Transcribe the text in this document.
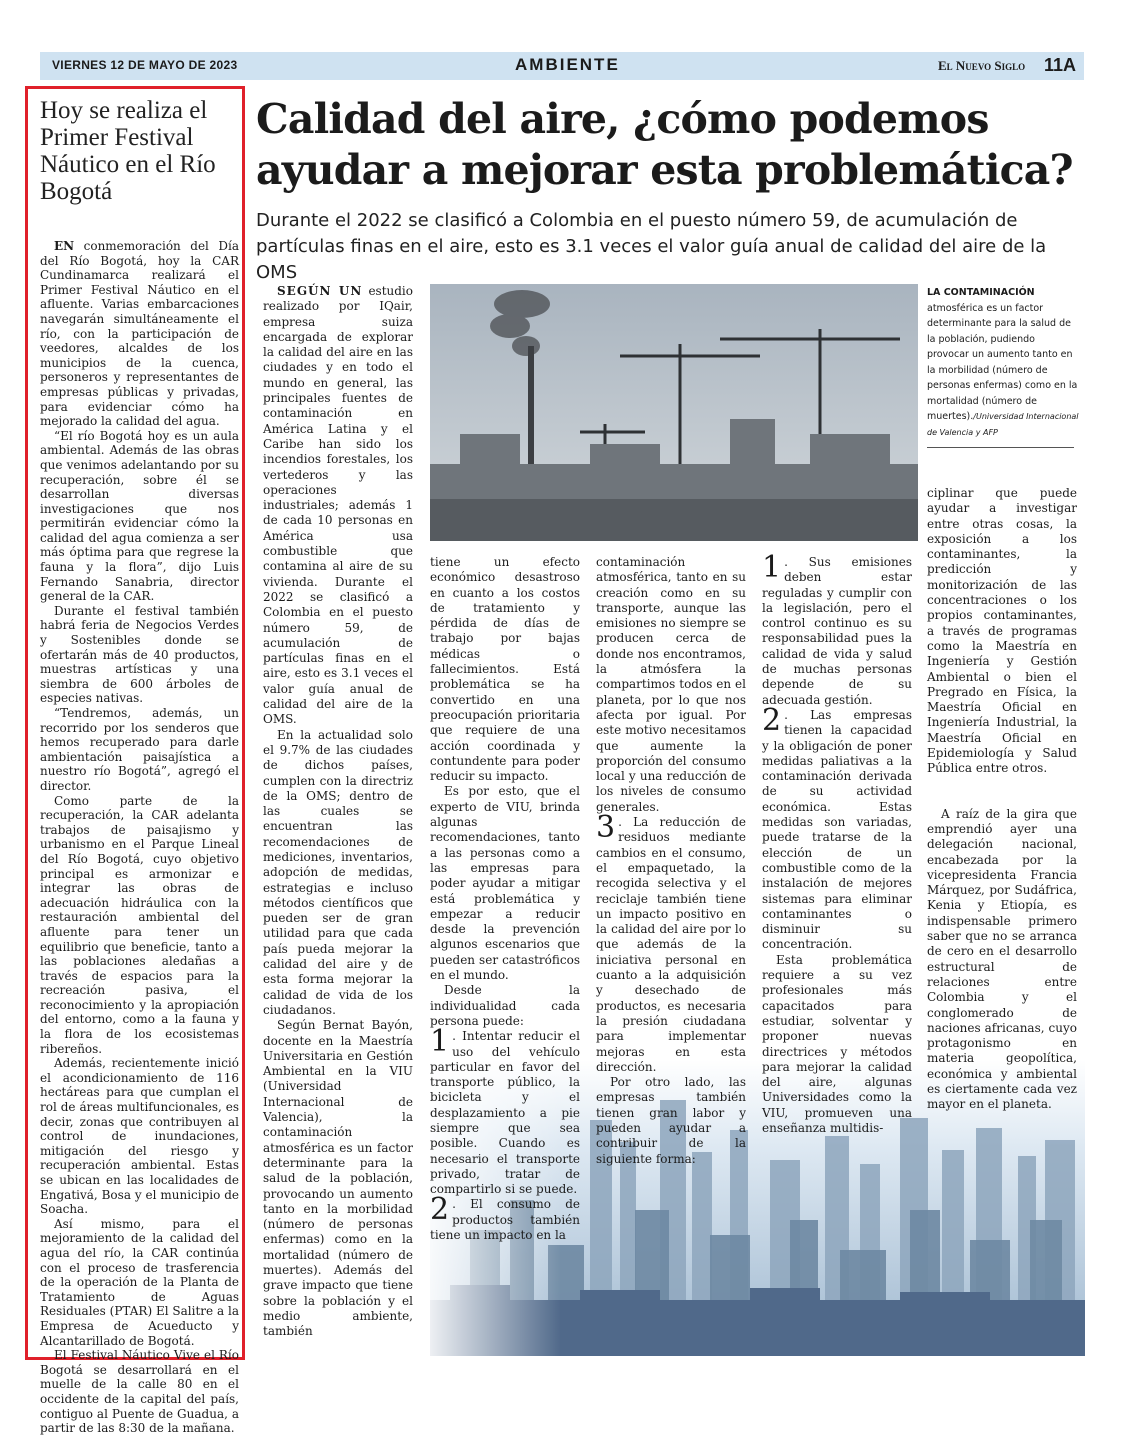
VIERNES 12 DE MAYO DE 2023	AMBIENTE	El Nuevo Siglo 11A
Hoy se realiza el Primer Festival Náutico en el Río Bogotá

EN conmemoración del Día del Río Bogotá, hoy la CAR Cundinamarca realizará el Primer Festival Náutico en el afluente. Varias embarcaciones navegarán simultáneamente el río, con la participación de veedores, alcaldes de los municipios de la cuenca, personeros y representantes de empresas públicas y privadas, para evidenciar cómo ha mejorado la calidad del agua.

“El río Bogotá hoy es un aula ambiental. Además de las obras que venimos adelantando por su recuperación, sobre él se desarrollan diversas investigaciones que nos permitirán evidenciar cómo la calidad del agua comienza a ser más óptima para que regrese la fauna y la flora”, dijo Luis Fernando Sanabria, director general de la CAR.

Durante el festival también habrá feria de Negocios Verdes y Sostenibles donde se ofertarán más de 40 productos, muestras artísticas y una siembra de 600 árboles de especies nativas.

“Tendremos, además, un recorrido por los senderos que hemos recuperado para darle ambientación paisajística a nuestro río Bogotá”, agregó el director.

Como parte de la recuperación, la CAR adelanta trabajos de paisajismo y urbanismo en el Parque Lineal del Río Bogotá, cuyo objetivo principal es armonizar e integrar las obras de adecuación hidráulica con la restauración ambiental del afluente para tener un equilibrio que beneficie, tanto a las poblaciones aledañas a través de espacios para la recreación pasiva, el reconocimiento y la apropiación del entorno, como a la fauna y la flora de los ecosistemas ribereños.

Además, recientemente inició el acondicionamiento de 116 hectáreas para que cumplan el rol de áreas multifuncionales, es decir, zonas que contribuyen al control de inundaciones, mitigación del riesgo y recuperación ambiental. Estas se ubican en las localidades de Engativá, Bosa y el municipio de Soacha.

Así mismo, para el mejoramiento de la calidad del agua del río, la CAR continúa con el proceso de trasferencia de la operación de la Planta de Tratamiento de Aguas Residuales (PTAR) El Salitre a la Empresa de Acueducto y Alcantarillado de Bogotá.

El Festival Náutico Vive el Río Bogotá se desarrollará en el muelle de la calle 80 en el occidente de la capital del país, contiguo al Puente de Guadua, a partir de las 8:30 de la mañana.

Calidad del aire, ¿cómo podemos ayudar a mejorar esta problemática?
Durante el 2022 se clasificó a Colombia en el puesto número 59, de acumulación de partículas finas en el aire, esto es 3.1 veces el valor guía anual de calidad del aire de la OMS
LA CONTAMINACIÓN
atmosférica es un factor determinante para la salud de la población, pudiendo provocar un aumento tanto en la morbilidad (número de personas enfermas) como en la mortalidad (número de muertes)./Universidad Internacional de Valencia y AFP

SEGÚN UN estudio realizado por IQair, empresa suiza encargada de explorar la calidad del aire en las ciudades y en todo el mundo en general, las principales fuentes de contaminación en América Latina y el Caribe han sido los incendios forestales, los vertederos y las operaciones industriales; además 1 de cada 10 personas en América usa combustible que contamina al aire de su vivienda. Durante el 2022 se clasificó a Colombia en el puesto número 59, de acumulación de partículas finas en el aire, esto es 3.1 veces el valor guía anual de calidad del aire de la OMS.

En la actualidad solo el 9.7% de las ciudades de dichos países, cumplen con la directriz de la OMS; dentro de las cuales se encuentran las recomendaciones de mediciones, inventarios, adopción de medidas, estrategias e incluso métodos científicos que pueden ser de gran utilidad para que cada país pueda mejorar la calidad del aire y de esta forma mejorar la calidad de vida de los ciudadanos.

Según Bernat Bayón, docente en la Maestría Universitaria en Gestión Ambiental en la VIU (Universidad Internacional de Valencia), la contaminación atmosférica es un factor determinante para la salud de la población, provocando un aumento tanto en la morbilidad (número de personas enfermas) como en la mortalidad (número de muertes). Además del grave impacto que tiene sobre la población y el medio ambiente, también

tiene un efecto económico desastroso en cuanto a los costos de tratamiento y pérdida de días de trabajo por bajas médicas o fallecimientos. Está problemática se ha convertido en una preocupación prioritaria que requiere de una acción coordinada y contundente para poder reducir su impacto.

Es por esto, que el experto de VIU, brinda algunas recomendaciones, tanto a las personas como a las empresas para poder ayudar a mitigar está problemática y empezar a reducir desde la prevención algunos escenarios que pueden ser catastróficos en el mundo.

Desde la individualidad cada persona puede:

1 . Intentar reducir el uso del vehículo particular en favor del transporte público, la bicicleta y el desplazamiento a pie siempre que sea posible. Cuando es necesario el transporte privado, tratar de compartirlo si se puede.

2 . El consumo de productos también tiene un impacto en la

contaminación atmosférica, tanto en su creación como en su transporte, aunque las emisiones no siempre se producen cerca de donde nos encontramos, la atmósfera la compartimos todos en el planeta, por lo que nos afecta por igual. Por este motivo necesitamos que aumente la proporción del consumo local y una reducción de los niveles de consumo generales.

3 . La reducción de residuos mediante cambios en el consumo, el empaquetado, la recogida selectiva y el reciclaje también tiene un impacto positivo en la calidad del aire por lo que además de la iniciativa personal en cuanto a la adquisición y desechado de productos, es necesaria la presión ciudadana para implementar mejoras en esta dirección.

Por otro lado, las empresas también tienen gran labor y pueden ayudar a contribuir de la siguiente forma:

1 . Sus emisiones deben estar reguladas y cumplir con la legislación, pero el control continuo es su responsabilidad pues la calidad de vida y salud de muchas personas depende de su adecuada gestión.

2 . Las empresas tienen la capacidad y la obligación de poner medidas paliativas a la contaminación derivada de su actividad económica. Estas medidas son variadas, puede tratarse de la elección de un combustible como de la instalación de mejores sistemas para eliminar contaminantes o disminuir su concentración.

Esta problemática requiere a su vez profesionales más capacitados para estudiar, solventar y proponer nuevas directrices y métodos para mejorar la calidad del aire, algunas Universidades como la VIU, promueven una enseñanza multidis-

ciplinar que puede ayudar a investigar entre otras cosas, la exposición a los contaminantes, la predicción y monitorización de las concentraciones o los propios contaminantes, a través de programas como la Maestría en Ingeniería y Gestión Ambiental o bien el Pregrado en Física, la Maestría Oficial en Ingeniería Industrial, la Maestría Oficial en Epidemiología y Salud Pública entre otros.

A raíz de la gira que emprendió ayer una delegación nacional, encabezada por la vicepresidenta Francia Márquez, por Sudáfrica, Kenia y Etiopía, es indispensable primero saber que no se arranca de cero en el desarrollo estructural de relaciones entre Colombia y el conglomerado de naciones africanas, cuyo protagonismo en materia geopolítica, económica y ambiental es ciertamente cada vez mayor en el planeta.
